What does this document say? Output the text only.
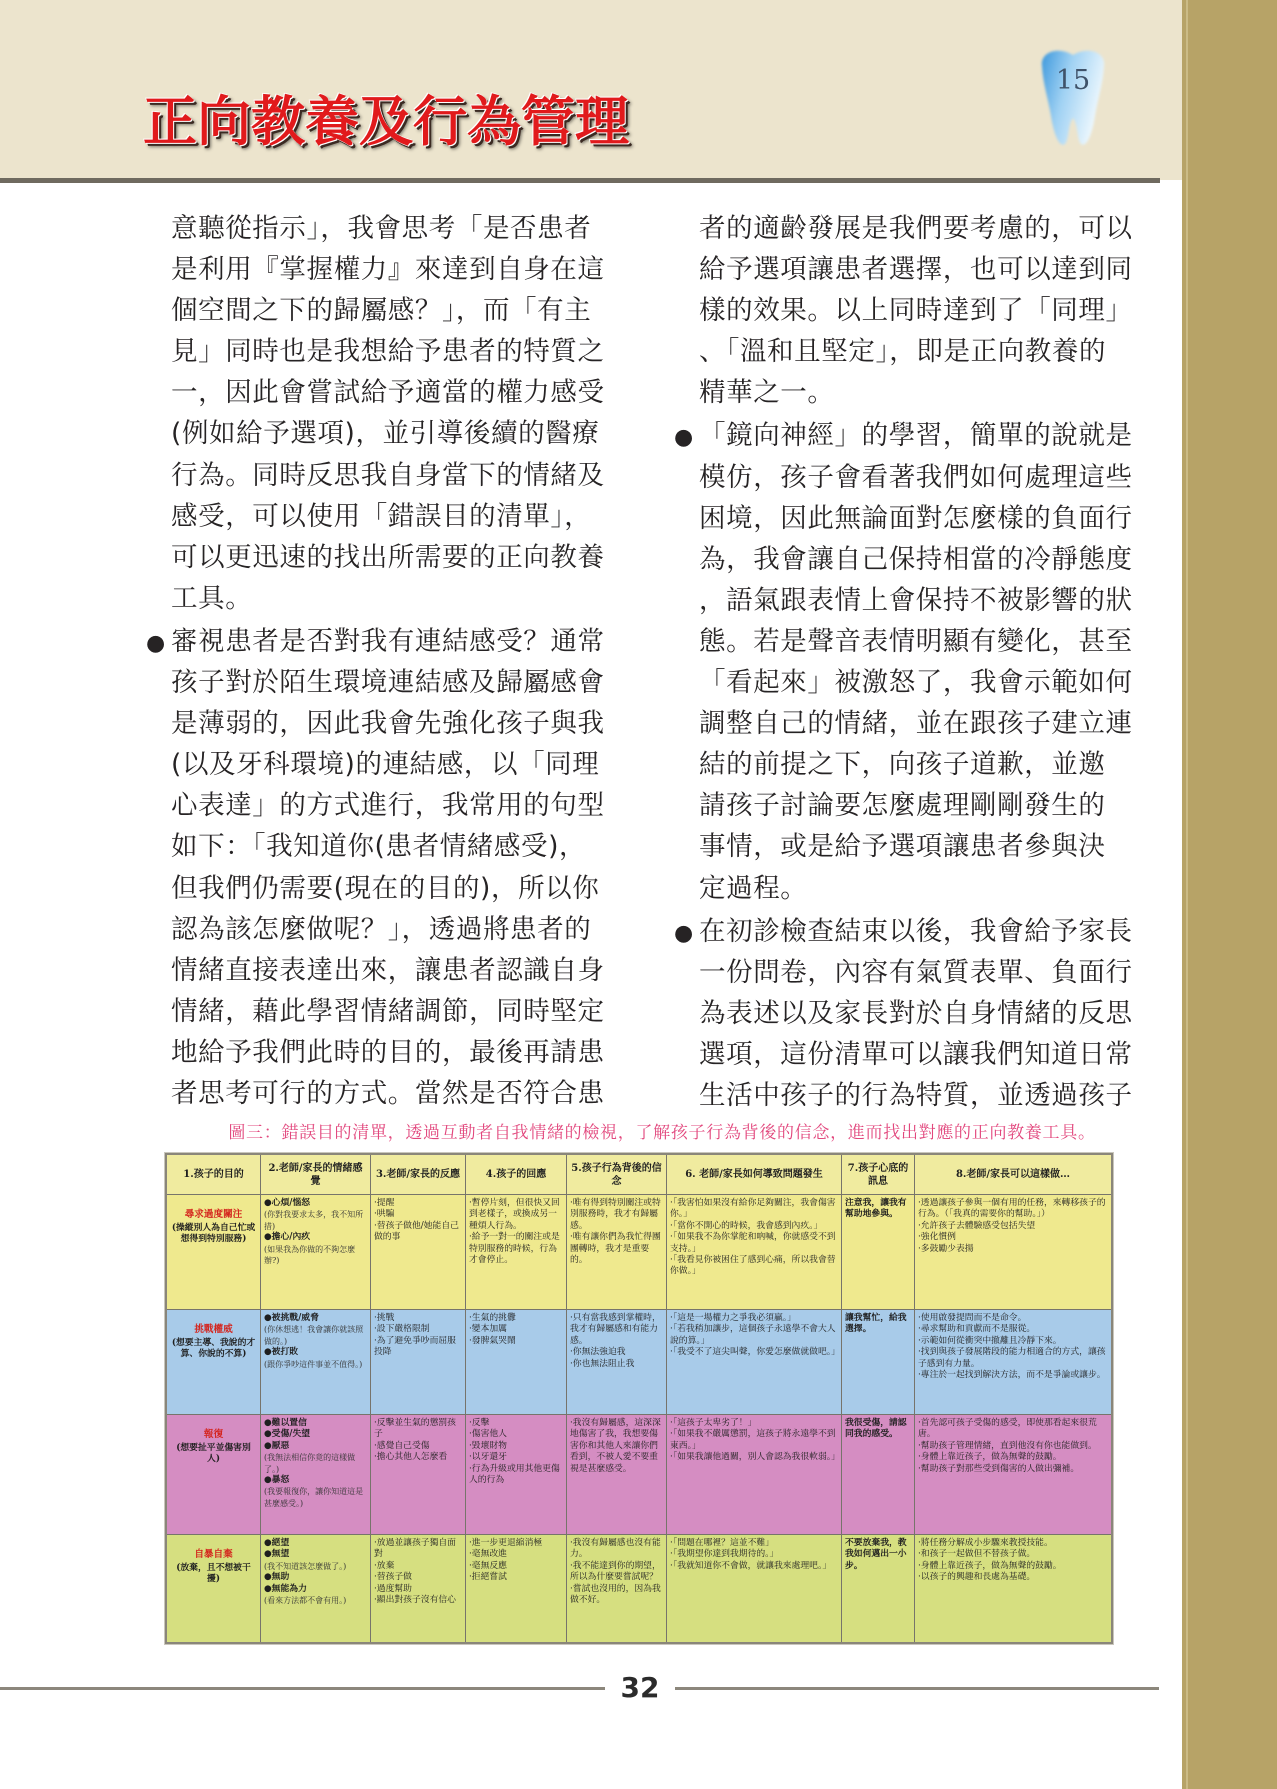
正向教養及行為管理
15
意聽從指示」，我會思考「是否患者
是利用『掌握權力』來達到自身在這
個空間之下的歸屬感？」，而「有主
見」同時也是我想給予患者的特質之
一，因此會嘗試給予適當的權力感受
(例如給予選項)，並引導後續的醫療
行為。同時反思我自身當下的情緒及
感受，可以使用「錯誤目的清單」，
可以更迅速的找出所需要的正向教養
工具。
● 審視患者是否對我有連結感受？通常
孩子對於陌生環境連結感及歸屬感會
是薄弱的，因此我會先強化孩子與我
(以及牙科環境)的連結感，以「同理
心表達」的方式進行，我常用的句型
如下：「我知道你(患者情緒感受)，
但我們仍需要(現在的目的)，所以你
認為該怎麼做呢？」，透過將患者的
情緒直接表達出來，讓患者認識自身
情緒，藉此學習情緒調節，同時堅定
地給予我們此時的目的，最後再請患
者思考可行的方式。當然是否符合患
者的適齡發展是我們要考慮的，可以
給予選項讓患者選擇，也可以達到同
樣的效果。以上同時達到了「同理」
、「溫和且堅定」，即是正向教養的
精華之一。
● 「鏡向神經」的學習，簡單的說就是
模仿，孩子會看著我們如何處理這些
困境，因此無論面對怎麼樣的負面行
為，我會讓自己保持相當的冷靜態度
，語氣跟表情上會保持不被影響的狀
態。若是聲音表情明顯有變化，甚至
「看起來」被激怒了，我會示範如何
調整自己的情緒，並在跟孩子建立連
結的前提之下，向孩子道歉，並邀
請孩子討論要怎麼處理剛剛發生的
事情，或是給予選項讓患者參與決
定過程。
● 在初診檢查結束以後，我會給予家長
一份問卷，內容有氣質表單、負面行
為表述以及家長對於自身情緒的反思
選項，這份清單可以讓我們知道日常
生活中孩子的行為特質，並透過孩子
圖三：錯誤目的清單，透過互動者自我情緒的檢視，了解孩子行為背後的信念，進而找出對應的正向教養工具。
1.孩子的目的
2.老師/家長的情緒感覺
3.老師/家長的反應	4.孩子的回應
5.孩子行為背後的信念
6. 老師/家長如何導致問題發生
7.孩子心底的訊息
8.老師/家長可以這樣做…
尋求過度關注
(操縱別人為自己忙或想得到特別服務)
●心煩/惱怒
(你對我要求太多，我不知所措)
●擔心/內疚
(如果我為你做的不夠怎麼辦?)
·提醒
·哄騙
·替孩子做他/她能自己做的事
·暫停片刻，但很快又回到老樣子，或換成另一種煩人行為。
·給予一對一的關注或是特別服務的時候，行為才會停止。
·唯有得到特別關注或特別服務時，我才有歸屬感。
·唯有讓你們為我忙得團團轉時，我才是重要的。
·「我害怕如果沒有給你足夠關注，我會傷害你。」
·「當你不開心的時候，我會感到內疚。」
·「如果我不為你掌舵和吶喊，你就感受不到支持。」
·「我看見你被困住了感到心痛，所以我會替你做。」
注意我，讓我有幫助地參與。
·透過讓孩子參與一個有用的任務，來轉移孩子的行為。（「我真的需要你的幫助。」）
·允許孩子去體驗感受包括失望
·強化慣例
·多鼓勵少表揚
挑戰權威
(想要主導、我說的才算、你說的不算)
●被挑戰/威脅
(你休想逃！我會讓你就該照做的。)
●被打敗
(跟你爭吵這件事並不值得。)
·挑戰
·設下嚴格限制
·為了避免爭吵而屈服投降
·生氣的挑釁
·變本加厲
·發脾氣哭鬧
·只有當我感到掌權時，我才有歸屬感和有能力感。
·你無法強迫我
·你也無法阻止我
·「這是一場權力之爭我必須贏。」
·「若我稍加讓步，這個孩子永遠學不會大人說的算。」
·「我受不了這尖叫聲，你愛怎麼做就做吧。」
讓我幫忙，給我選擇。
·使用啟發提問而不是命令。
·尋求幫助和貢獻而不是服從。
·示範如何從衝突中撤離且冷靜下來。
·找到與孩子發展階段的能力相適合的方式，讓孩子感到有力量。
·專注於一起找到解決方法，而不是爭論或讓步。
報復
(想要扯平並傷害別人)
●難以置信
●受傷/失望
●厭惡
(我無法相信你竟的這樣做了。)
●暴怒
(我要報復你，讓你知道這是甚麼感受。)
·反擊並生氣的懲罰孩子
·感覺自己受傷
·擔心其他人怎麼看
·反擊
·傷害他人
·毀壞財物
·以牙還牙
·行為升級或用其他更傷人的行為
·我沒有歸屬感，這深深地傷害了我，我想要傷害你和其他人來讓你們看到，不被人愛不要重視是甚麼感受。
·「這孩子太卑劣了！」
·「如果我不嚴厲懲罰，這孩子將永遠學不到東西。」
·「如果我讓他過關，別人會認為我很軟弱。」
我很受傷，請認同我的感受。
·首先認可孩子受傷的感受，即使那看起來很荒唐。
·幫助孩子管理情緒，直到他沒有你也能做到。
·身體上靠近孩子，做為無聲的鼓勵。
·幫助孩子對那些受到傷害的人做出彌補。
自暴自棄
(放棄，且不想被干擾)
●絕望
●無望
(我不知道該怎麼做了。)
●無助
●無能為力
(看來方法都不會有用。)
·放過並讓孩子獨自面對
·放棄
·替孩子做
·過度幫助
·顯出對孩子沒有信心
·進一步更退縮消極
·毫無改進
·毫無反應
·拒絕嘗試
·我沒有歸屬感也沒有能力。
·我不能達到你的期望，所以為什麼要嘗試呢？
·嘗試也沒用的，因為我做不好。
·「問題在哪裡？這並不難」
·「我期望你達到我期待的。」
·「我就知道你不會做，就讓我來處理吧。」
不要放棄我，教我如何邁出一小步。
·將任務分解成小步驟來教授技能。
·和孩子一起做但不替孩子做。
·身體上靠近孩子，做為無聲的鼓勵。
·以孩子的興趣和長處為基礎。
32
